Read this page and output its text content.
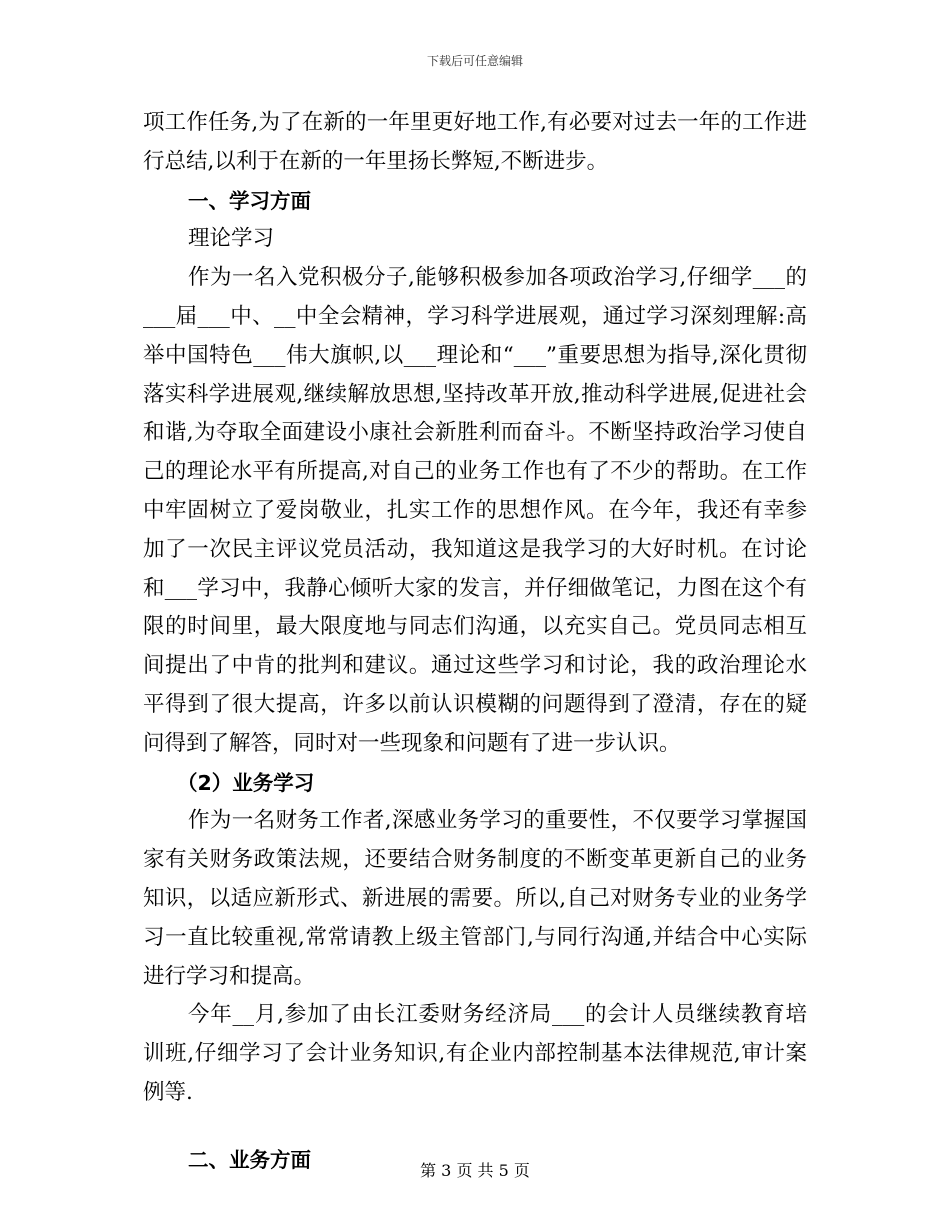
下载后可任意编辑

项工作任务,为了在新的一年里更好地工作,有必要对过去一年的工作进行总结,以利于在新的一年里扬长弊短,不断进步。

一、学习方面

理论学习

作为一名入党积极分子,能够积极参加各项政治学习,仔细学___的___届___中、__中全会精神，学习科学进展观，通过学习深刻理解:高举中国特色___伟大旗帜,以___理论和“___”重要思想为指导,深化贯彻落实科学进展观,继续解放思想,坚持改革开放,推动科学进展,促进社会和谐,为夺取全面建设小康社会新胜利而奋斗。不断坚持政治学习使自己的理论水平有所提高,对自己的业务工作也有了不少的帮助。在工作中牢固树立了爱岗敬业，扎实工作的思想作风。在今年，我还有幸参加了一次民主评议党员活动，我知道这是我学习的大好时机。在讨论和___学习中，我静心倾听大家的发言，并仔细做笔记，力图在这个有限的时间里，最大限度地与同志们沟通，以充实自己。党员同志相互间提出了中肯的批判和建议。通过这些学习和讨论，我的政治理论水平得到了很大提高，许多以前认识模糊的问题得到了澄清，存在的疑问得到了解答，同时对一些现象和问题有了进一步认识。

（2）业务学习

作为一名财务工作者,深感业务学习的重要性，不仅要学习掌握国家有关财务政策法规，还要结合财务制度的不断变革更新自己的业务知识，以适应新形式、新进展的需要。所以,自己对财务专业的业务学习一直比较重视,常常请教上级主管部门,与同行沟通,并结合中心实际进行学习和提高。

今年__月,参加了由长江委财务经济局___的会计人员继续教育培训班,仔细学习了会计业务知识,有企业内部控制基本法律规范,审计案例等.

二、业务方面	第 3 页 共 5 页
